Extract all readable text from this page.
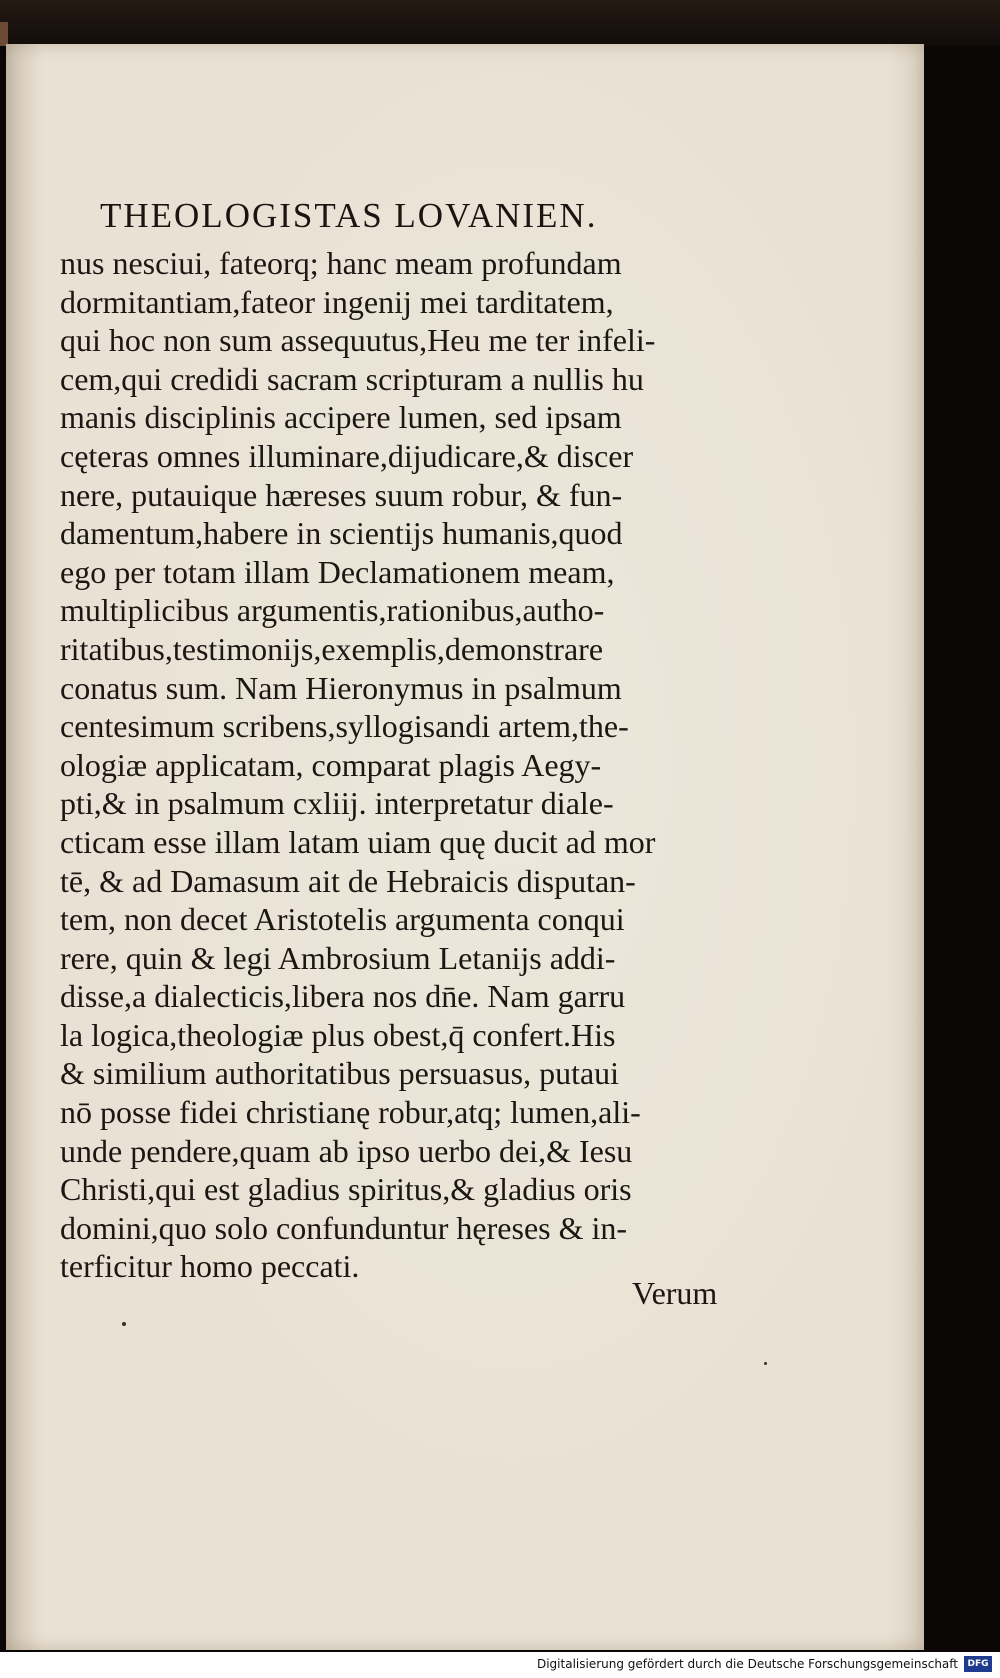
THEOLOGISTAS LOVANIEN.
nus nesciui, fateorq; hanc meam profundam
dormitantiam,fateor ingenij mei tarditatem,
qui hoc non sum assequutus,Heu me ter infeli-
cem,qui credidi sacram scripturam a nullis hu
manis disciplinis accipere lumen, sed ipsam
cęteras omnes illuminare,dijudicare,& discer
nere, putauique hæreses suum robur, & fun-
damentum,habere in scientijs humanis,quod
ego per totam illam Declamationem meam,
multiplicibus argumentis,rationibus,autho-
ritatibus,testimonijs,exemplis,demonstrare
conatus sum. Nam Hieronymus in psalmum
centesimum scribens,syllogisandi artem,the-
ologiæ applicatam, comparat plagis Aegy-
pti,& in psalmum cxliij. interpretatur diale-
cticam esse illam latam uiam quę ducit ad mor
tē, & ad Damasum ait de Hebraicis disputan-
tem, non decet Aristotelis argumenta conqui
rere, quin & legi Ambrosium Letanijs addi-
disse,a dialecticis,libera nos dn̄e. Nam garru
la logica,theologiæ plus obest,q̄ confert.His
& similium authoritatibus persuasus, putaui
nō posse fidei christianę robur,atq; lumen,ali-
unde pendere,quam ab ipso uerbo dei,& Iesu
Christi,qui est gladius spiritus,& gladius oris
domini,quo solo confunduntur hęreses & in-
terficitur homo peccati.
Verum
Digitalisierung gefördert durch die Deutsche Forschungsgemeinschaft	DFG
